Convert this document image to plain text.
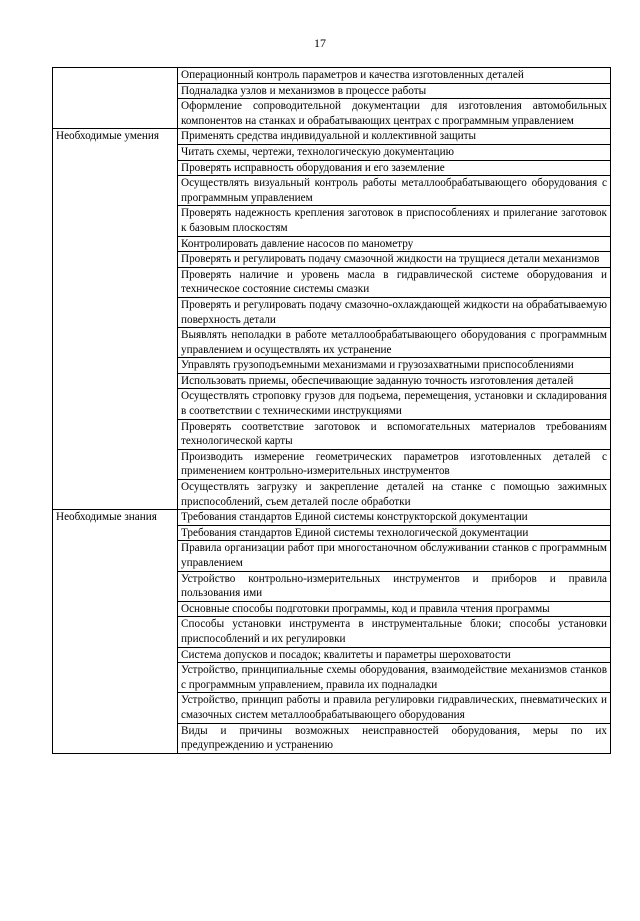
17
	Операционный контроль параметров и качества изготовленных деталей
	Подналадка узлов и механизмов в процессе работы
	Оформление сопроводительной документации для изготовления автомобильных компонентов на станках и обрабатывающих центрах с программным управлением
Необходимые умения	Применять средства индивидуальной и коллективной защиты
	Читать схемы, чертежи, технологическую документацию
	Проверять исправность оборудования и его заземление
	Осуществлять визуальный контроль работы металлообрабатывающего оборудования с программным управлением
	Проверять надежность крепления заготовок в приспособлениях и прилегание заготовок к базовым плоскостям
	Контролировать давление насосов по манометру
	Проверять и регулировать подачу смазочной жидкости на трущиеся детали механизмов
	Проверять наличие и уровень масла в гидравлической системе оборудования и техническое состояние системы смазки
	Проверять и регулировать подачу смазочно-охлаждающей жидкости на обрабатываемую поверхность детали
	Выявлять неполадки в работе металлообрабатывающего оборудования с программным управлением и осуществлять их устранение
	Управлять грузоподъемными механизмами и грузозахватными приспособлениями
	Использовать приемы, обеспечивающие заданную точность изготовления деталей
	Осуществлять строповку грузов для подъема, перемещения, установки и складирования в соответствии с техническими инструкциями
	Проверять соответствие заготовок и вспомогательных материалов требованиям технологической карты
	Производить измерение геометрических параметров изготовленных деталей с применением контрольно-измерительных инструментов
	Осуществлять загрузку и закрепление деталей на станке с помощью зажимных приспособлений, съем деталей после обработки
Необходимые знания	Требования стандартов Единой системы конструкторской документации
	Требования стандартов Единой системы технологической документации
	Правила организации работ при многостаночном обслуживании станков с программным управлением
	Устройство контрольно-измерительных инструментов и приборов и правила пользования ими
	Основные способы подготовки программы, код и правила чтения программы
	Способы установки инструмента в инструментальные блоки; способы установки приспособлений и их регулировки
	Система допусков и посадок; квалитеты и параметры шероховатости
	Устройство, принципиальные схемы оборудования, взаимодействие механизмов станков с программным управлением, правила их подналадки
	Устройство, принцип работы и правила регулировки гидравлических, пневматических и смазочных систем металлообрабатывающего оборудования
	Виды и причины возможных неисправностей оборудования, меры по их предупреждению и устранению
